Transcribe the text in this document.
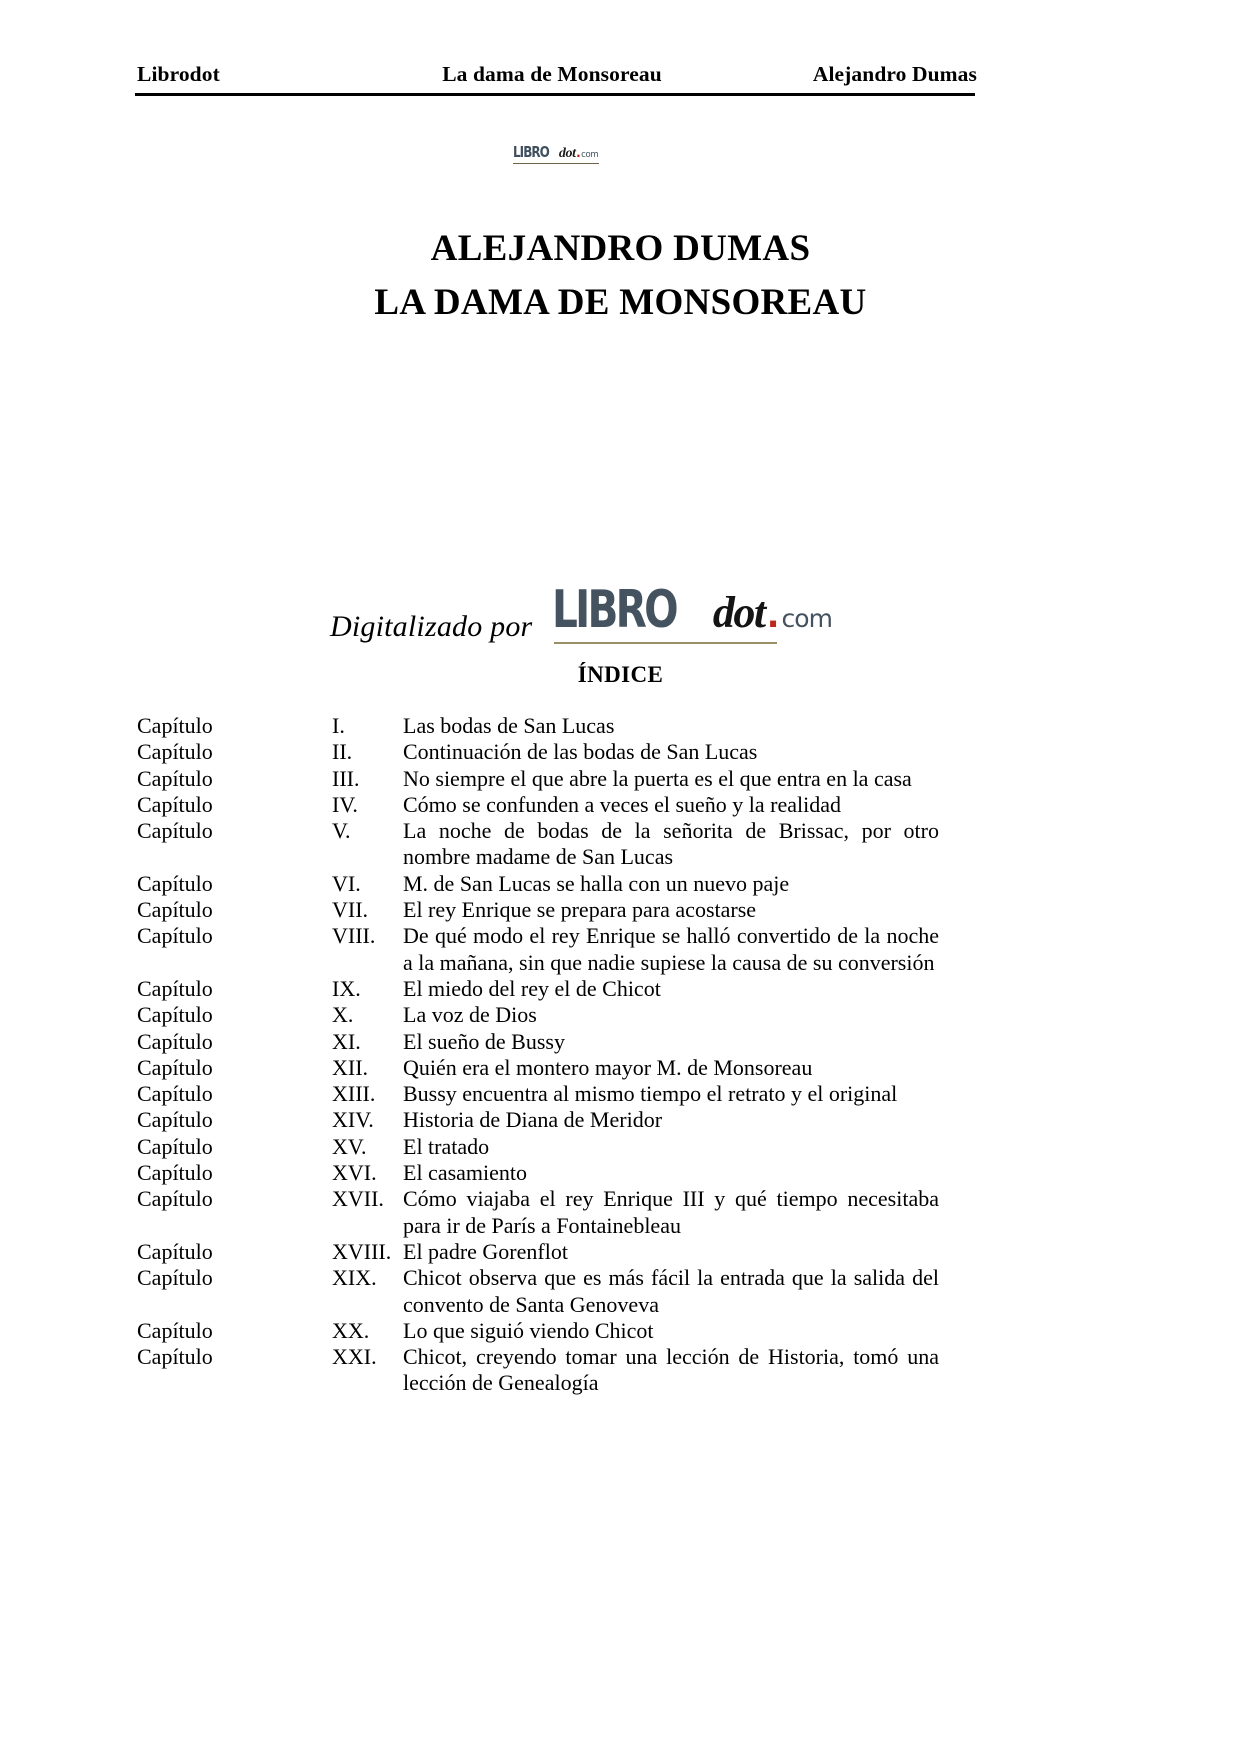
Librodot	La dama de Monsoreau	Alejandro Dumas
LIBRO dot . com
ALEJANDRO DUMAS
LA DAMA DE MONSOREAU
Digitalizado por LIBRO dot . com
ÍNDICE
Capítulo	I.	Las bodas de San Lucas
Capítulo	II.	Continuación de las bodas de San Lucas
Capítulo	III.	No siempre el que abre la puerta es el que entra en la casa
Capítulo	IV.	Cómo se confunden a veces el sueño y la realidad
Capítulo	V.	La noche de bodas de la señorita de Brissac, por otro nombre madame de San Lucas
Capítulo	VI.	M. de San Lucas se halla con un nuevo paje
Capítulo	VII.	El rey Enrique se prepara para acostarse
Capítulo	VIII.	De qué modo el rey Enrique se halló convertido de la noche a la mañana, sin que nadie supiese la causa de su conversión
Capítulo	IX.	El miedo del rey el de Chicot
Capítulo	X.	La voz de Dios
Capítulo	XI.	El sueño de Bussy
Capítulo	XII.	Quién era el montero mayor M. de Monsoreau
Capítulo	XIII.	Bussy encuentra al mismo tiempo el retrato y el original
Capítulo	XIV.	Historia de Diana de Meridor
Capítulo	XV.	El tratado
Capítulo	XVI.	El casamiento
Capítulo	XVII. Cómo viajaba el rey Enrique III y qué tiempo necesitaba para ir de París a Fontainebleau
Capítulo	XVIII. El padre Gorenflot
Capítulo	XIX.	Chicot observa que es más fácil la entrada que la salida del convento de Santa Genoveva
Capítulo	XX.	Lo que siguió viendo Chicot
Capítulo	XXI.	Chicot, creyendo tomar una lección de Historia, tomó una lección de Genealogía
